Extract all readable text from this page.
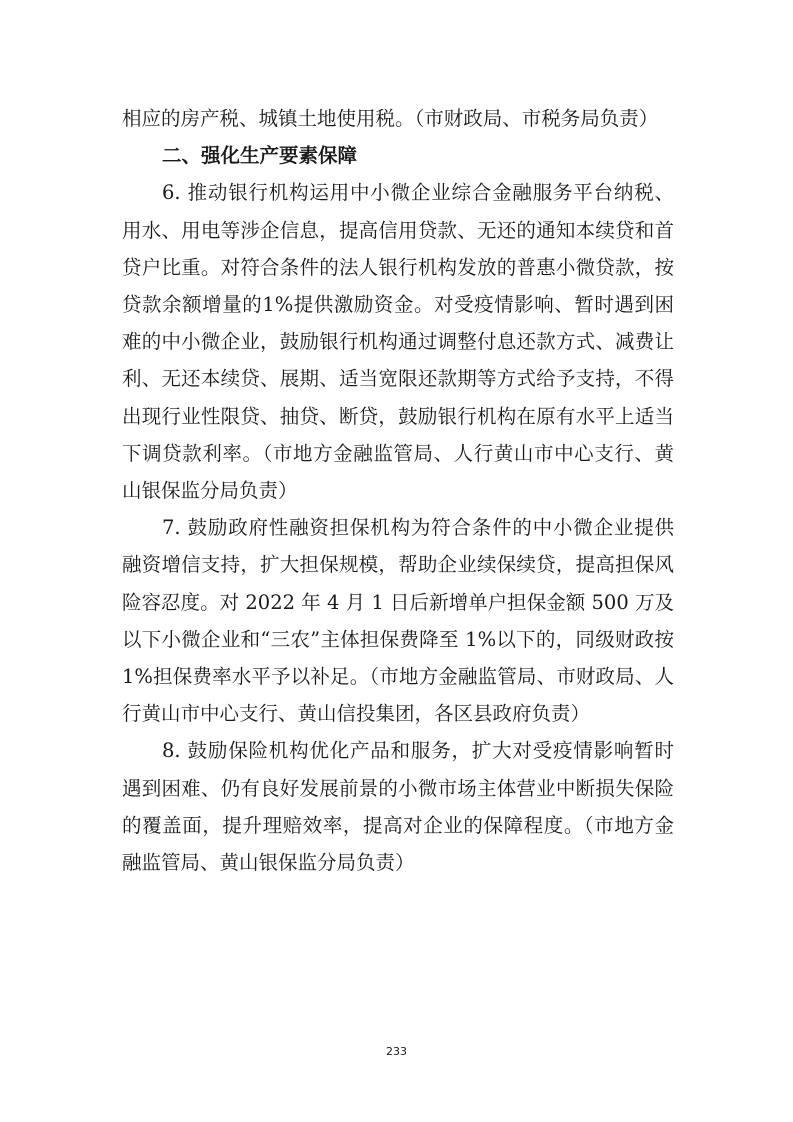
相应的房产税、城镇土地使用税。（市财政局、市税务局负责）

二、强化生产要素保障

6. 推动银行机构运用中小微企业综合金融服务平台纳税、用水、用电等涉企信息，提高信用贷款、无还的通知本续贷和首贷户比重。对符合条件的法人银行机构发放的普惠小微贷款，按贷款余额增量的1%提供激励资金。对受疫情影响、暂时遇到困难的中小微企业，鼓励银行机构通过调整付息还款方式、减费让利、无还本续贷、展期、适当宽限还款期等方式给予支持，不得出现行业性限贷、抽贷、断贷，鼓励银行机构在原有水平上适当下调贷款利率。（市地方金融监管局、人行黄山市中心支行、黄山银保监分局负责）

7. 鼓励政府性融资担保机构为符合条件的中小微企业提供融资增信支持，扩大担保规模，帮助企业续保续贷，提高担保风险容忍度。对 2022 年 4 月 1 日后新增单户担保金额 500 万及以下小微企业和“三农”主体担保费降至 1%以下的，同级财政按 1%担保费率水平予以补足。（市地方金融监管局、市财政局、人行黄山市中心支行、黄山信投集团，各区县政府负责）

8. 鼓励保险机构优化产品和服务，扩大对受疫情影响暂时遇到困难、仍有良好发展前景的小微市场主体营业中断损失保险的覆盖面，提升理赔效率，提高对企业的保障程度。（市地方金融监管局、黄山银保监分局负责）

233
